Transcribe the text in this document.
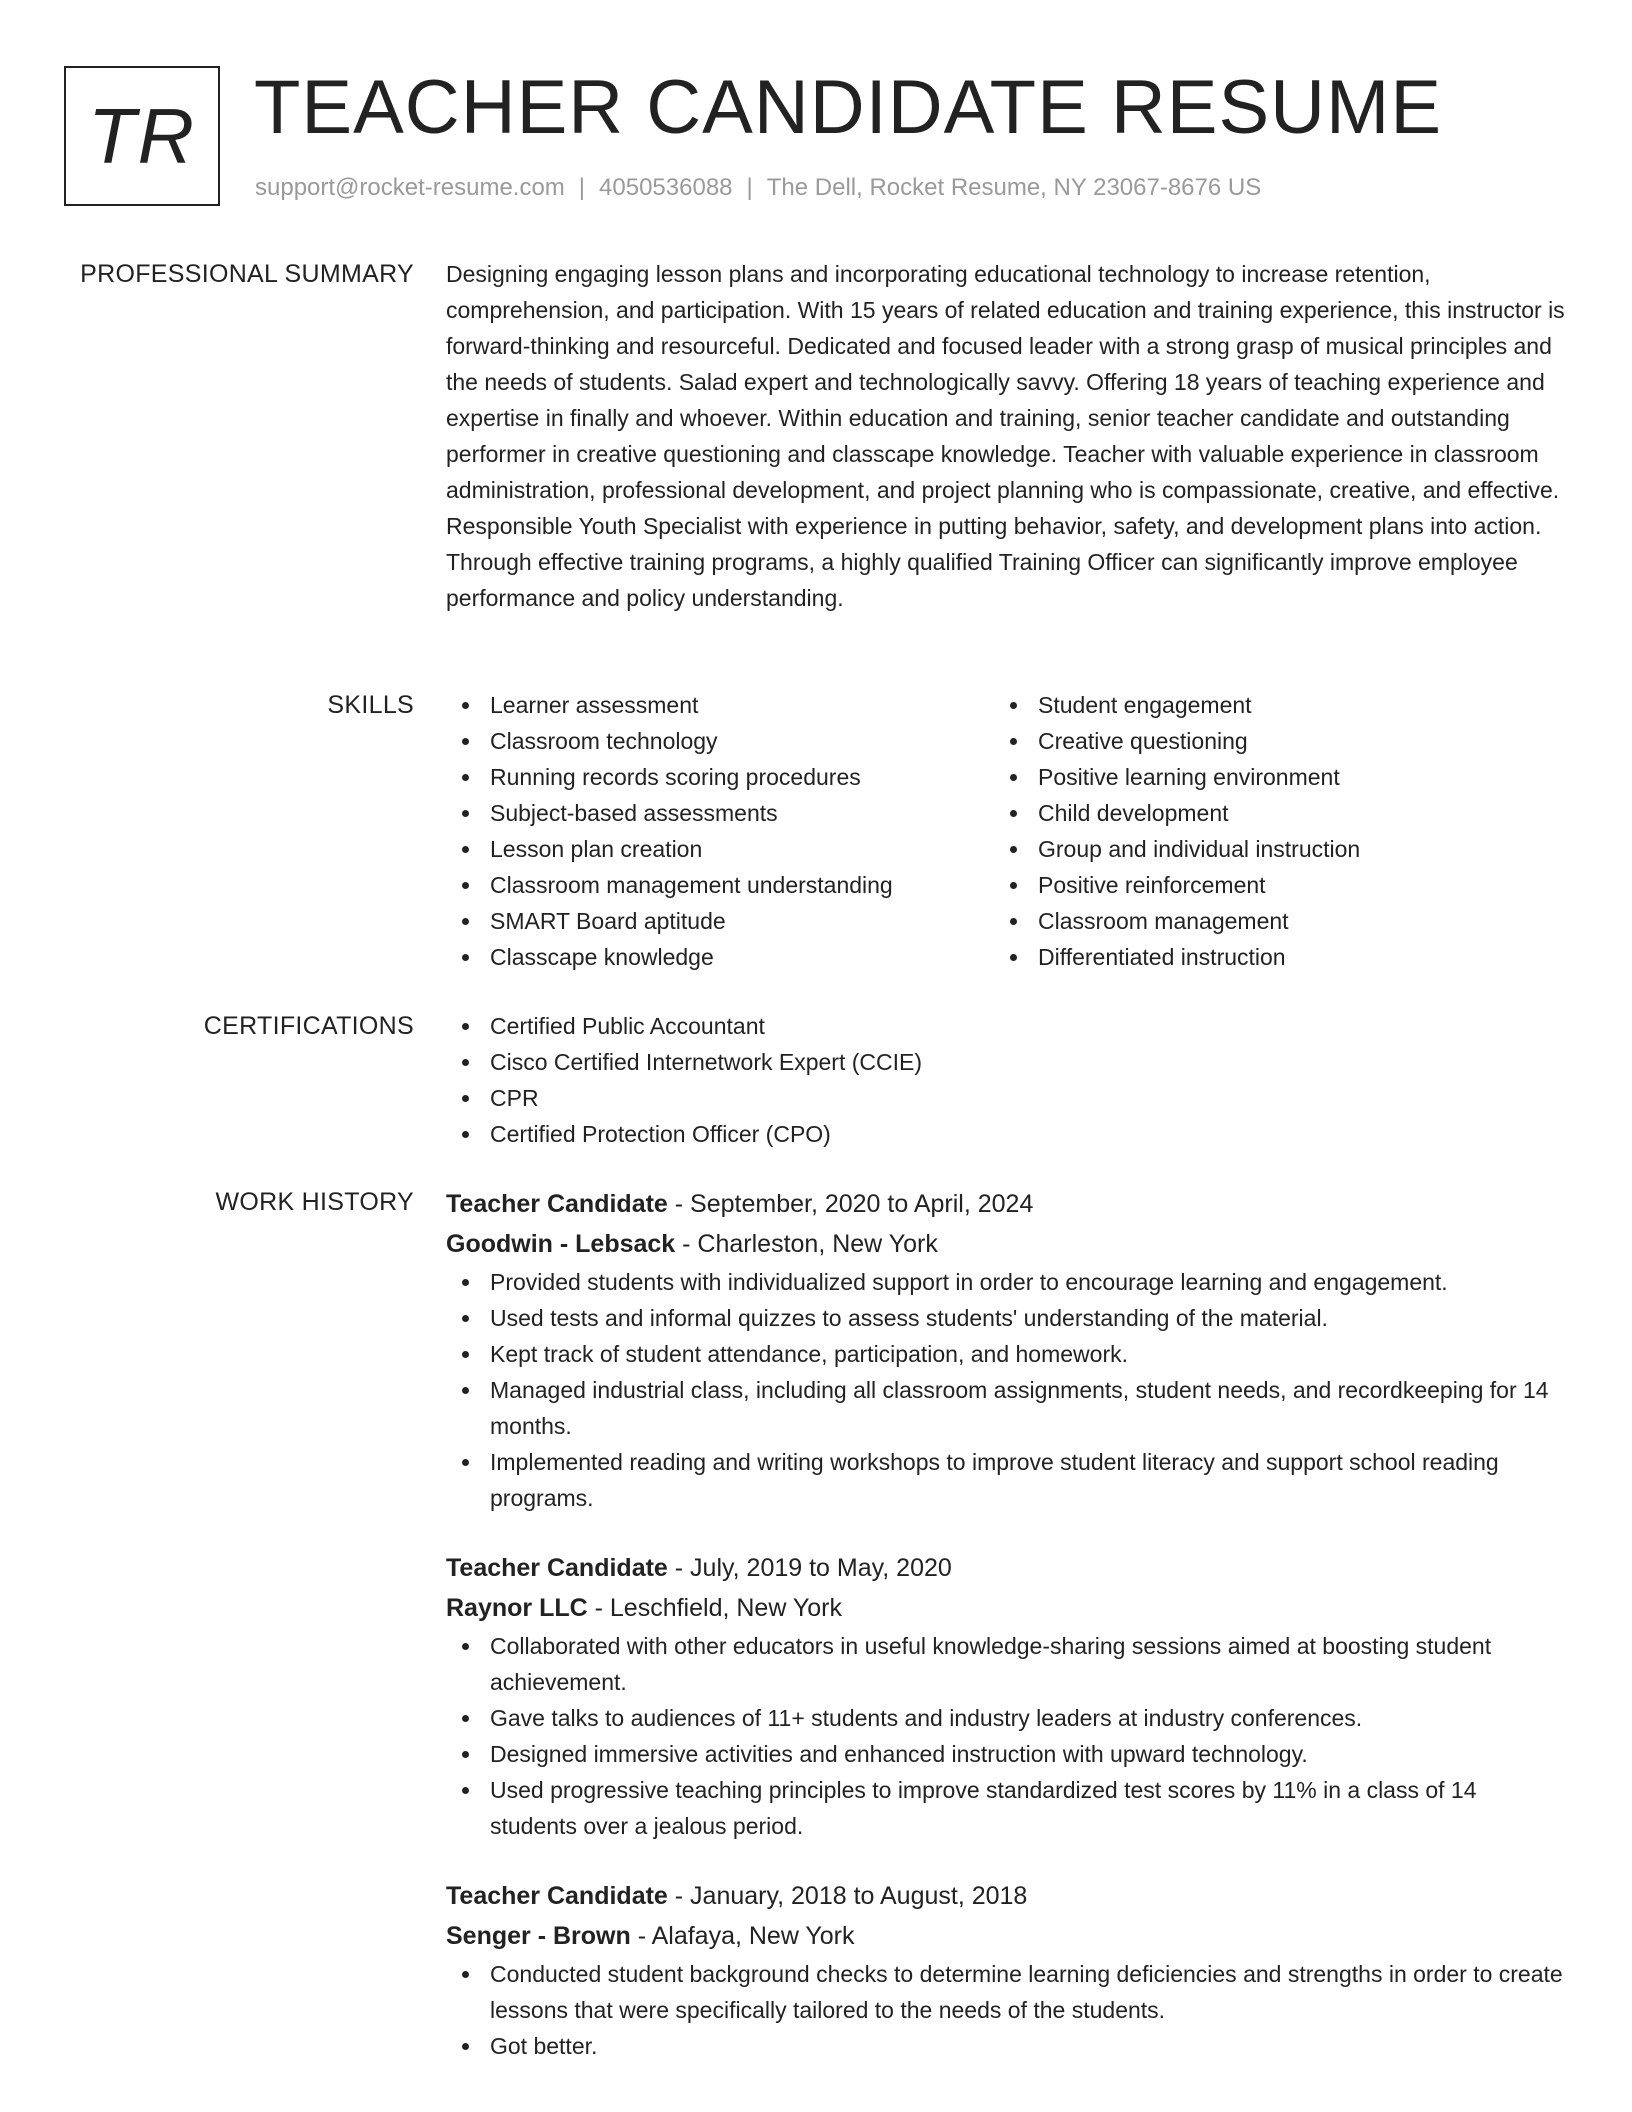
TR TEACHER CANDIDATE RESUME
support@rocket-resume.com | 4050536088 | The Dell, Rocket Resume, NY 23067-8676 US
PROFESSIONAL SUMMARY Designing engaging lesson plans and incorporating educational technology to increase retention, comprehension, and participation. With 15 years of related education and training experience, this instructor is forward-thinking and resourceful. Dedicated and focused leader with a strong grasp of musical principles and the needs of students. Salad expert and technologically savvy. Offering 18 years of teaching experience and expertise in finally and whoever. Within education and training, senior teacher candidate and outstanding performer in creative questioning and classcape knowledge. Teacher with valuable experience in classroom administration, professional development, and project planning who is compassionate, creative, and effective. Responsible Youth Specialist with experience in putting behavior, safety, and development plans into action. Through effective training programs, a highly qualified Training Officer can significantly improve employee performance and policy understanding.
SKILLS	Learner assessment
Classroom technology
Running records scoring procedures
Subject-based assessments
Lesson plan creation
Classroom management understanding
SMART Board aptitude
Classcape knowledge
Student engagement
Creative questioning
Positive learning environment
Child development
Group and individual instruction
Positive reinforcement
Classroom management
Differentiated instruction
CERTIFICATIONS	Certified Public Accountant
Cisco Certified Internetwork Expert (CCIE)
CPR
Certified Protection Officer (CPO)
WORK HISTORY Teacher Candidate - September, 2020 to April, 2024
Goodwin - Lebsack - Charleston, New York
Provided students with individualized support in order to encourage learning and engagement.
Used tests and informal quizzes to assess students' understanding of the material.
Kept track of student attendance, participation, and homework.
Managed industrial class, including all classroom assignments, student needs, and recordkeeping for 14 months.
Implemented reading and writing workshops to improve student literacy and support school reading programs.
Teacher Candidate - July, 2019 to May, 2020
Raynor LLC - Leschfield, New York
Collaborated with other educators in useful knowledge-sharing sessions aimed at boosting student achievement.
Gave talks to audiences of 11+ students and industry leaders at industry conferences.
Designed immersive activities and enhanced instruction with upward technology.
Used progressive teaching principles to improve standardized test scores by 11% in a class of 14 students over a jealous period.
Teacher Candidate - January, 2018 to August, 2018
Senger - Brown - Alafaya, New York
Conducted student background checks to determine learning deficiencies and strengths in order to create lessons that were specifically tailored to the needs of the students.
Got better.
